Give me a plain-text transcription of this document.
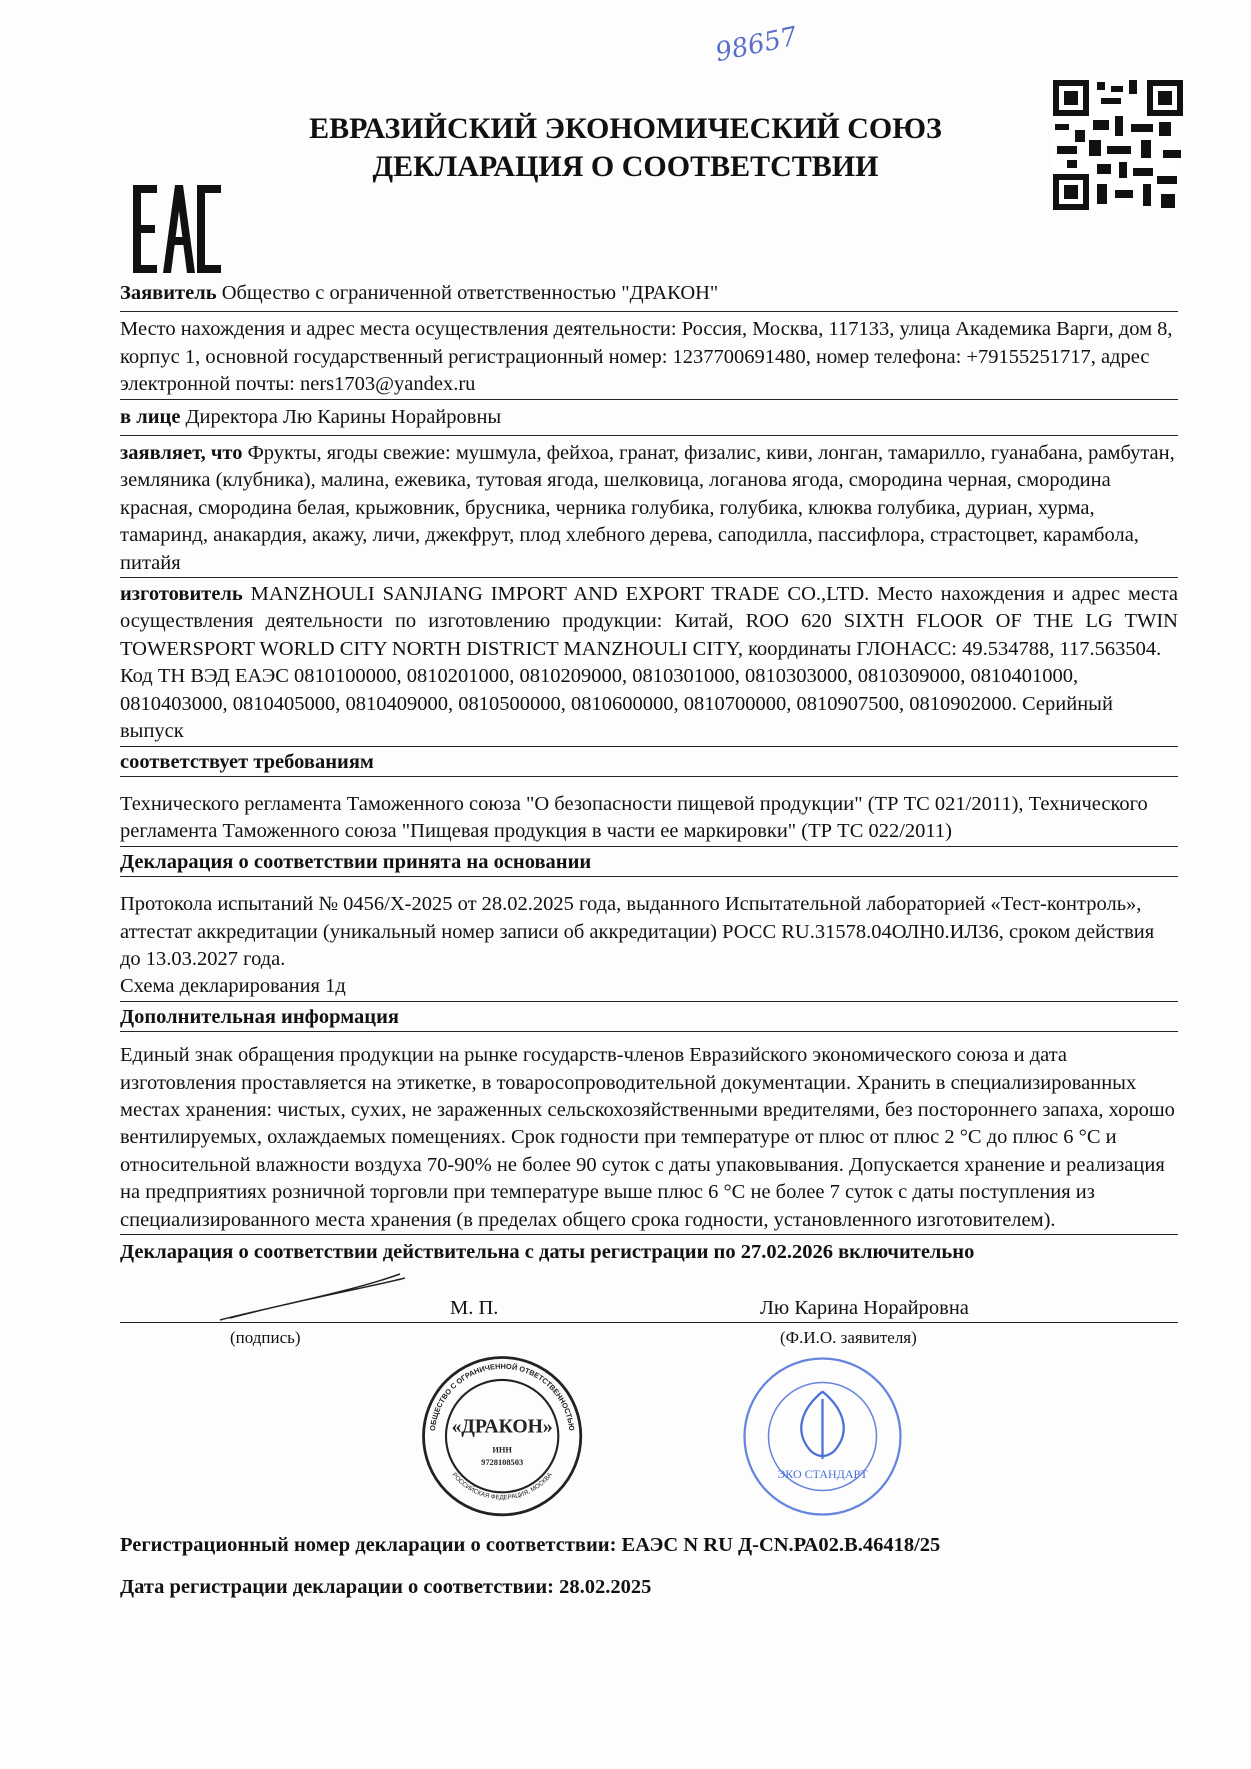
98657
ЕВРАЗИЙСКИЙ ЭКОНОМИЧЕСКИЙ СОЮЗ
ДЕКЛАРАЦИЯ О СООТВЕТСТВИИ
Заявитель Общество с ограниченной ответственностью "ДРАКОН"
Место нахождения и адрес места осуществления деятельности: Россия, Москва, 117133, улица Академика Варги, дом 8, корпус 1, основной государственный регистрационный номер: 1237700691480, номер телефона: +79155251717, адрес электронной почты: ners1703@yandex.ru
в лице Директора Лю Карины Норайровны
заявляет, что Фрукты, ягоды свежие: мушмула, фейхоа, гранат, физалис, киви, лонган, тамарилло, гуанабана, рамбутан, земляника (клубника), малина, ежевика, тутовая ягода, шелковица, логанова ягода, смородина черная, смородина красная, смородина белая, крыжовник, брусника, черника голубика, голубика, клюква голубика, дуриан, хурма, тамаринд, анакардия, акажу, личи, джекфрут, плод хлебного дерева, саподилла, пассифлора, страстоцвет, карамбола, питайя
изготовитель MANZHOULI SANJIANG IMPORT AND EXPORT TRADE CO.,LTD. Место нахождения и адрес места осуществления деятельности по изготовлению продукции: Китай, ROO 620 SIXTH FLOOR OF THE LG TWIN TOWERSPORT WORLD CITY NORTH DISTRICT MANZHOULI CITY, координаты ГЛОНАСС: 49.534788, 117.563504.
Код ТН ВЭД ЕАЭС 0810100000, 0810201000, 0810209000, 0810301000, 0810303000, 0810309000, 0810401000, 0810403000, 0810405000, 0810409000, 0810500000, 0810600000, 0810700000, 0810907500, 0810902000. Серийный выпуск
соответствует требованиям
Технического регламента Таможенного союза "О безопасности пищевой продукции" (ТР ТС 021/2011), Технического регламента Таможенного союза "Пищевая продукция в части ее маркировки" (ТР ТС 022/2011)
Декларация о соответствии принята на основании
Протокола испытаний № 0456/Х-2025 от 28.02.2025 года, выданного Испытательной лабораторией «Тест-контроль», аттестат аккредитации (уникальный номер записи об аккредитации) РОСС RU.31578.04ОЛН0.ИЛ36, сроком действия до 13.03.2027 года.
Схема декларирования 1д
Дополнительная информация
Единый знак обращения продукции на рынке государств-членов Евразийского экономического союза и дата изготовления проставляется на этикетке, в товаросопроводительной документации. Хранить в специализированных местах хранения: чистых, сухих, не зараженных сельскохозяйственными вредителями, без постороннего запаха, хорошо вентилируемых, охлаждаемых помещениях. Срок годности при температуре от плюс от плюс 2 °С до плюс 6 °С и относительной влажности воздуха 70-90% не более 90 суток с даты упаковывания. Допускается хранение и реализация на предприятиях розничной торговли при температуре выше плюс 6 °С не более 7 суток с даты поступления из специализированного места хранения (в пределах общего срока годности, установленного изготовителем).
Декларация о соответствии действительна с даты регистрации по 27.02.2026 включительно
М. П.	Лю Карина Норайровна
(подпись)	(Ф.И.О. заявителя)
ОБЩЕСТВО С ОГРАНИЧЕННОЙ ОТВЕТСТВЕННОСТЬЮ
РОССИЙСКАЯ ФЕДЕРАЦИЯ, МОСКВА
«ДРАКОН»
ИНН
9728108503
ЭКО СТАНДАРТ
Регистрационный номер декларации о соответствии: ЕАЭС N RU Д-CN.РА02.В.46418/25
Дата регистрации декларации о соответствии: 28.02.2025
